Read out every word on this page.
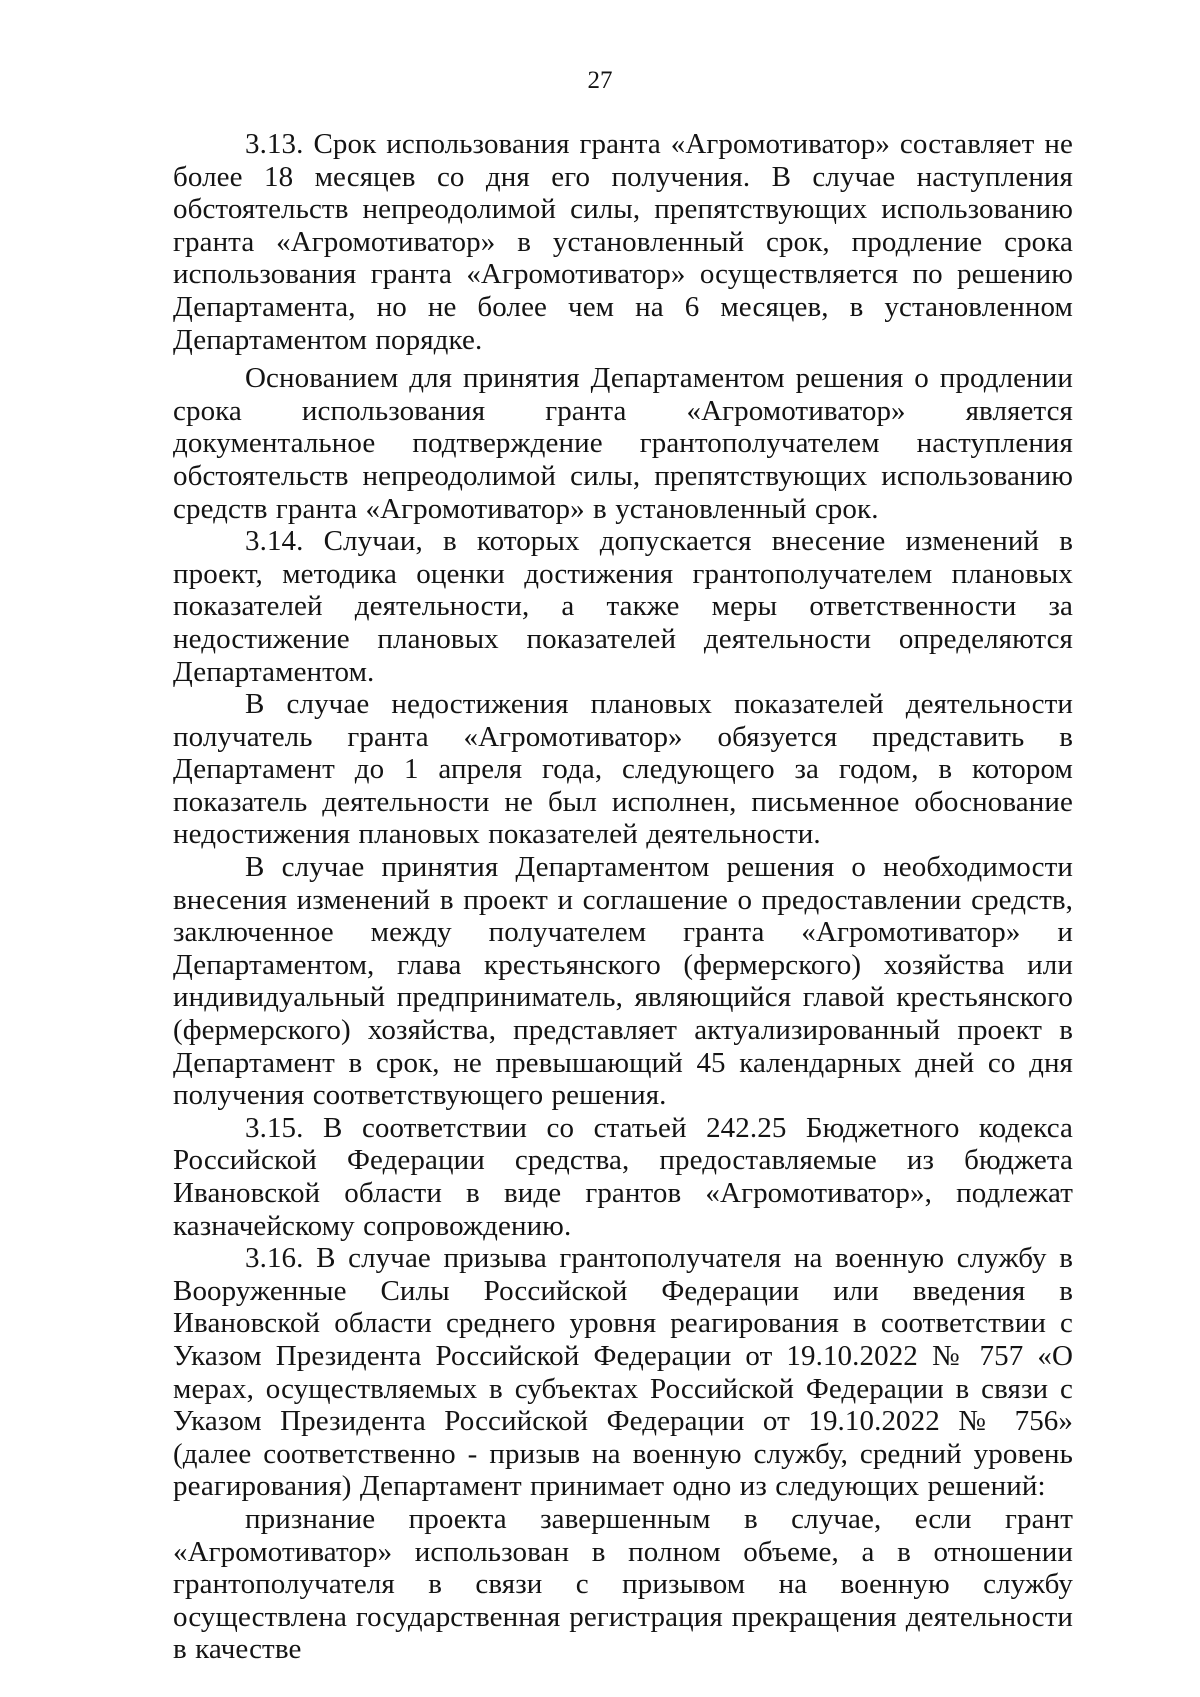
27

3.13. Срок использования гранта «Агромотиватор» составляет не более 18 месяцев со дня его получения. В случае наступления обстоятельств непреодолимой силы, препятствующих использованию гранта «Агромотиватор» в установленный срок, продление срока использования гранта «Агромотиватор» осуществляется по решению Департамента, но не более чем на 6 месяцев, в установленном Департаментом порядке.

Основанием для принятия Департаментом решения о продлении срока использования гранта «Агромотиватор» является документальное подтверждение грантополучателем наступления обстоятельств непреодолимой силы, препятствующих использованию средств гранта «Агромотиватор» в установленный срок.

3.14. Случаи, в которых допускается внесение изменений в проект, методика оценки достижения грантополучателем плановых показателей деятельности, а также меры ответственности за недостижение плановых показателей деятельности определяются Департаментом.

В случае недостижения плановых показателей деятельности получатель гранта «Агромотиватор» обязуется представить в Департамент до 1 апреля года, следующего за годом, в котором показатель деятельности не был исполнен, письменное обоснование недостижения плановых показателей деятельности.

В случае принятия Департаментом решения о необходимости внесения изменений в проект и соглашение о предоставлении средств, заключенное между получателем гранта «Агромотиватор» и Департаментом, глава крестьянского (фермерского) хозяйства или индивидуальный предприниматель, являющийся главой крестьянского (фермерского) хозяйства, представляет актуализированный проект в Департамент в срок, не превышающий 45 календарных дней со дня получения соответствующего решения.

3.15. В соответствии со статьей 242.25 Бюджетного кодекса Российской Федерации средства, предоставляемые из бюджета Ивановской области в виде грантов «Агромотиватор», подлежат казначейскому сопровождению.

3.16. В случае призыва грантополучателя на военную службу в Вооруженные Силы Российской Федерации или введения в Ивановской области среднего уровня реагирования в соответствии с Указом Президента Российской Федерации от 19.10.2022 № 757 «О мерах, осуществляемых в субъектах Российской Федерации в связи с Указом Президента Российской Федерации от 19.10.2022 № 756» (далее соответственно - призыв на военную службу, средний уровень реагирования) Департамент принимает одно из следующих решений:

признание проекта завершенным в случае, если грант «Агромотиватор» использован в полном объеме, а в отношении грантополучателя в связи с призывом на военную службу осуществлена государственная регистрация прекращения деятельности в качестве
